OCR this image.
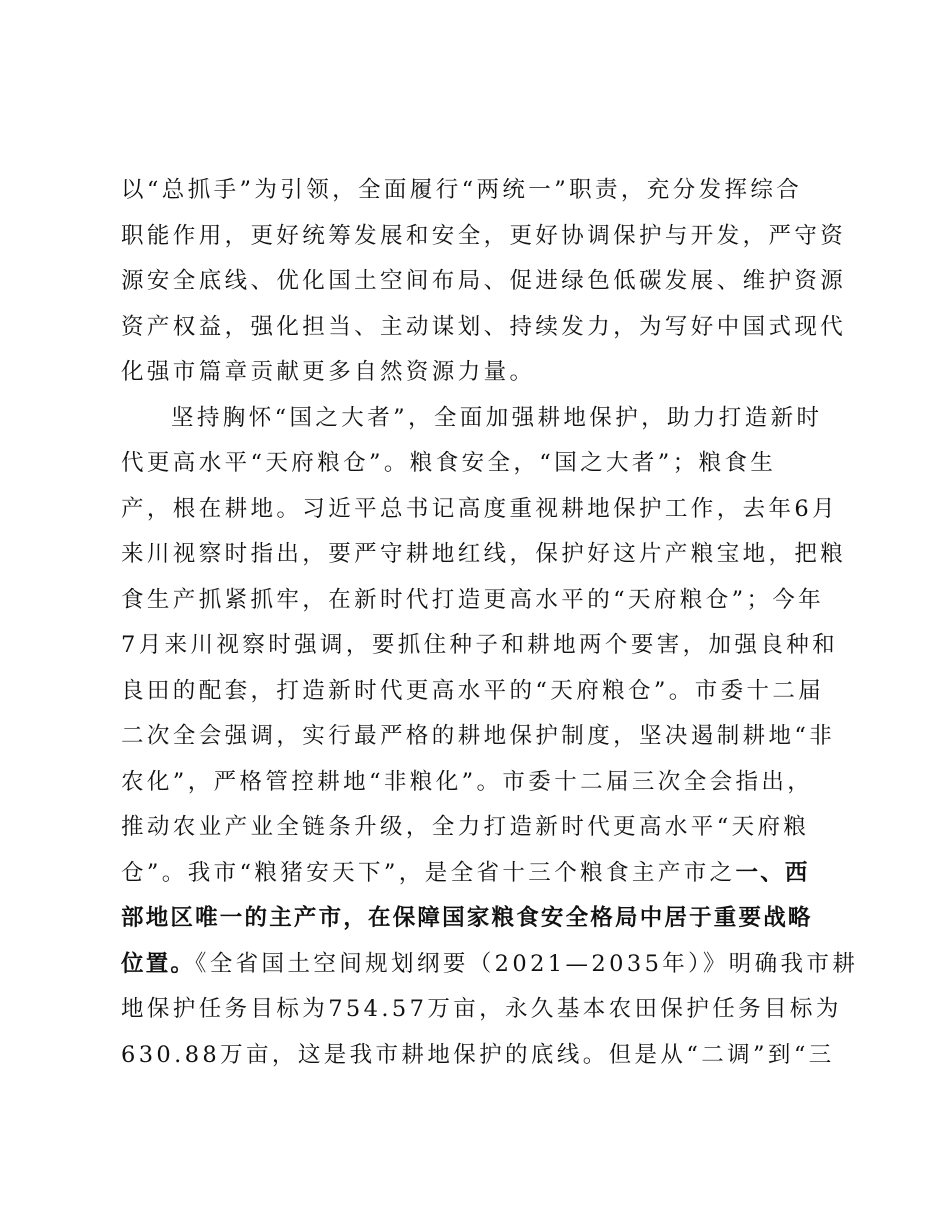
以“总抓手”为引领，全面履行“两统一”职责，充分发挥综合
职能作用，更好统筹发展和安全，更好协调保护与开发，严守资
源安全底线、优化国土空间布局、促进绿色低碳发展、维护资源
资产权益，强化担当、主动谋划、持续发力，为写好中国式现代
化强市篇章贡献更多自然资源力量。
坚持胸怀“国之大者”，全面加强耕地保护，助力打造新时
代更高水平“天府粮仓”。粮食安全，“国之大者”；粮食生
产，根在耕地。习近平总书记高度重视耕地保护工作，去年6月
来川视察时指出，要严守耕地红线，保护好这片产粮宝地，把粮
食生产抓紧抓牢，在新时代打造更高水平的“天府粮仓”；今年
7月来川视察时强调，要抓住种子和耕地两个要害，加强良种和
良田的配套，打造新时代更高水平的“天府粮仓”。市委十二届
二次全会强调，实行最严格的耕地保护制度，坚决遏制耕地“非
农化”，严格管控耕地“非粮化”。市委十二届三次全会指出，
推动农业产业全链条升级，全力打造新时代更高水平“天府粮
仓”。我市“粮猪安天下”，是全省十三个粮食主产市之一、西
部地区唯一的主产市，在保障国家粮食安全格局中居于重要战略
位置。《全省国土空间规划纲要（2021—2035年）》明确我市耕
地保护任务目标为754.57万亩，永久基本农田保护任务目标为
630.88万亩，这是我市耕地保护的底线。但是从“二调”到“三
